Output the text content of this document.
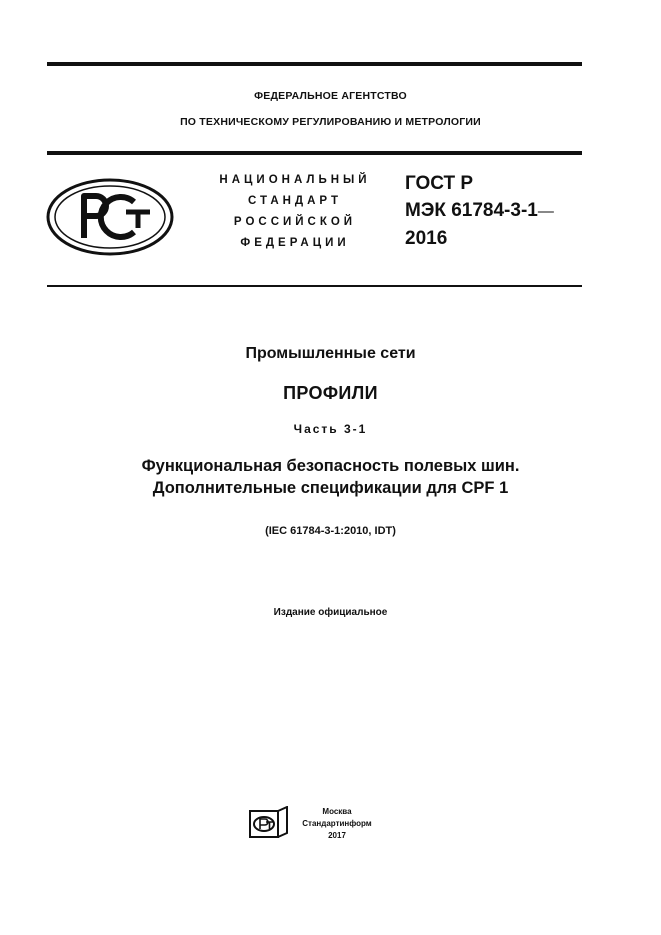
ФЕДЕРАЛЬНОЕ АГЕНТСТВО
ПО ТЕХНИЧЕСКОМУ РЕГУЛИРОВАНИЮ И МЕТРОЛОГИИ
НАЦИОНАЛЬНЫЙ
СТАНДАРТ
РОССИЙСКОЙ
ФЕДЕРАЦИИ
ГОСТ Р
МЭК 61784-3-1—
2016
Промышленные сети
ПРОФИЛИ
Часть 3-1
Функциональная безопасность полевых шин.
Дополнительные спецификации для CPF 1
(IEC 61784-3-1:2010, IDT)
Издание официальное
Москва
Стандартинформ
2017
